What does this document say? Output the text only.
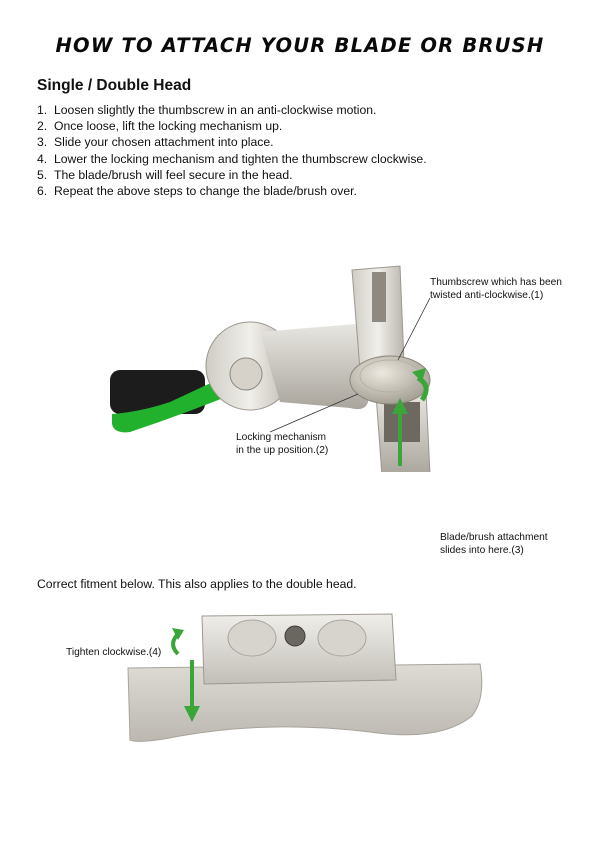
HOW TO ATTACH YOUR BLADE OR BRUSH
Single / Double Head
1. Loosen slightly the thumbscrew in an anti-clockwise motion.
2. Once loose, lift the locking mechanism up.
3. Slide your chosen attachment into place.
4. Lower the locking mechanism and tighten the thumbscrew clockwise.
5. The blade/brush will feel secure in the head.
6. Repeat the above steps to change the blade/brush over.
Thumbscrew which has been
twisted anti-clockwise.(1)
Locking mechanism
in the up position.(2)
Blade/brush attachment
slides into here.(3)
Correct fitment below. This also applies to the double head.
Tighten clockwise.(4)
